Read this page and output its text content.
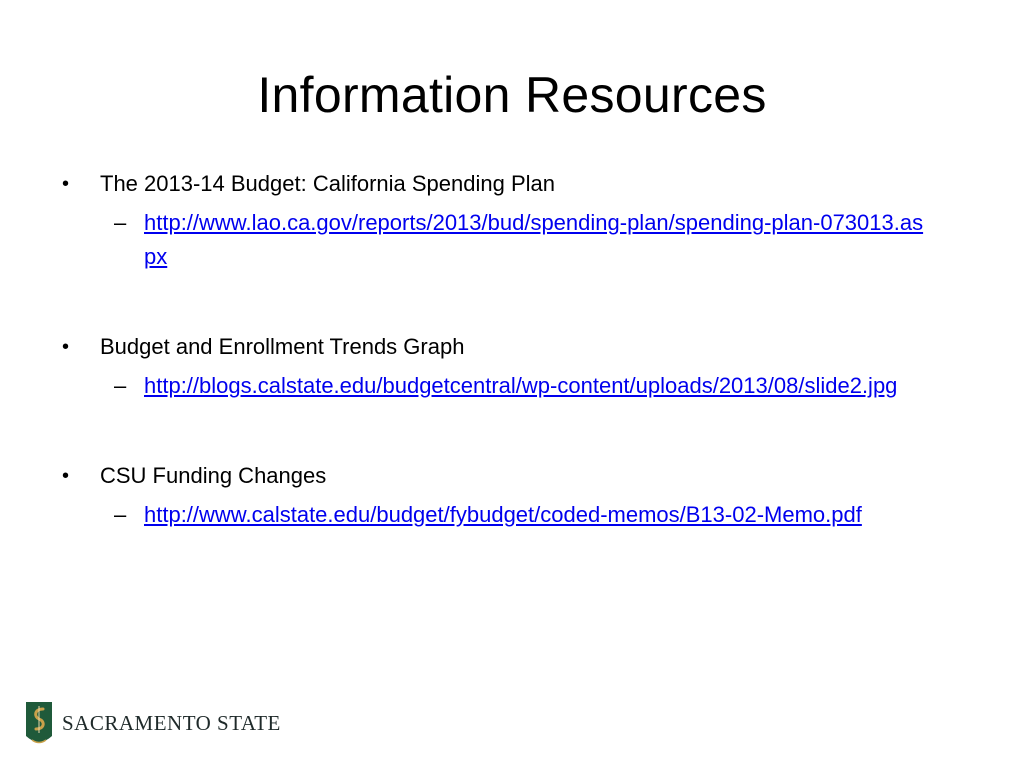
Information Resources
•	The 2013-14 Budget: California Spending Plan
– http://www.lao.ca.gov/reports/2013/bud/spending-plan/spending-plan-073013.aspx
•	Budget and Enrollment Trends Graph
– http://blogs.calstate.edu/budgetcentral/wp-content/uploads/2013/08/slide2.jpg
•	CSU Funding Changes
– http://www.calstate.edu/budget/fybudget/coded-memos/B13-02-Memo.pdf
SACRAMENTO STATE
